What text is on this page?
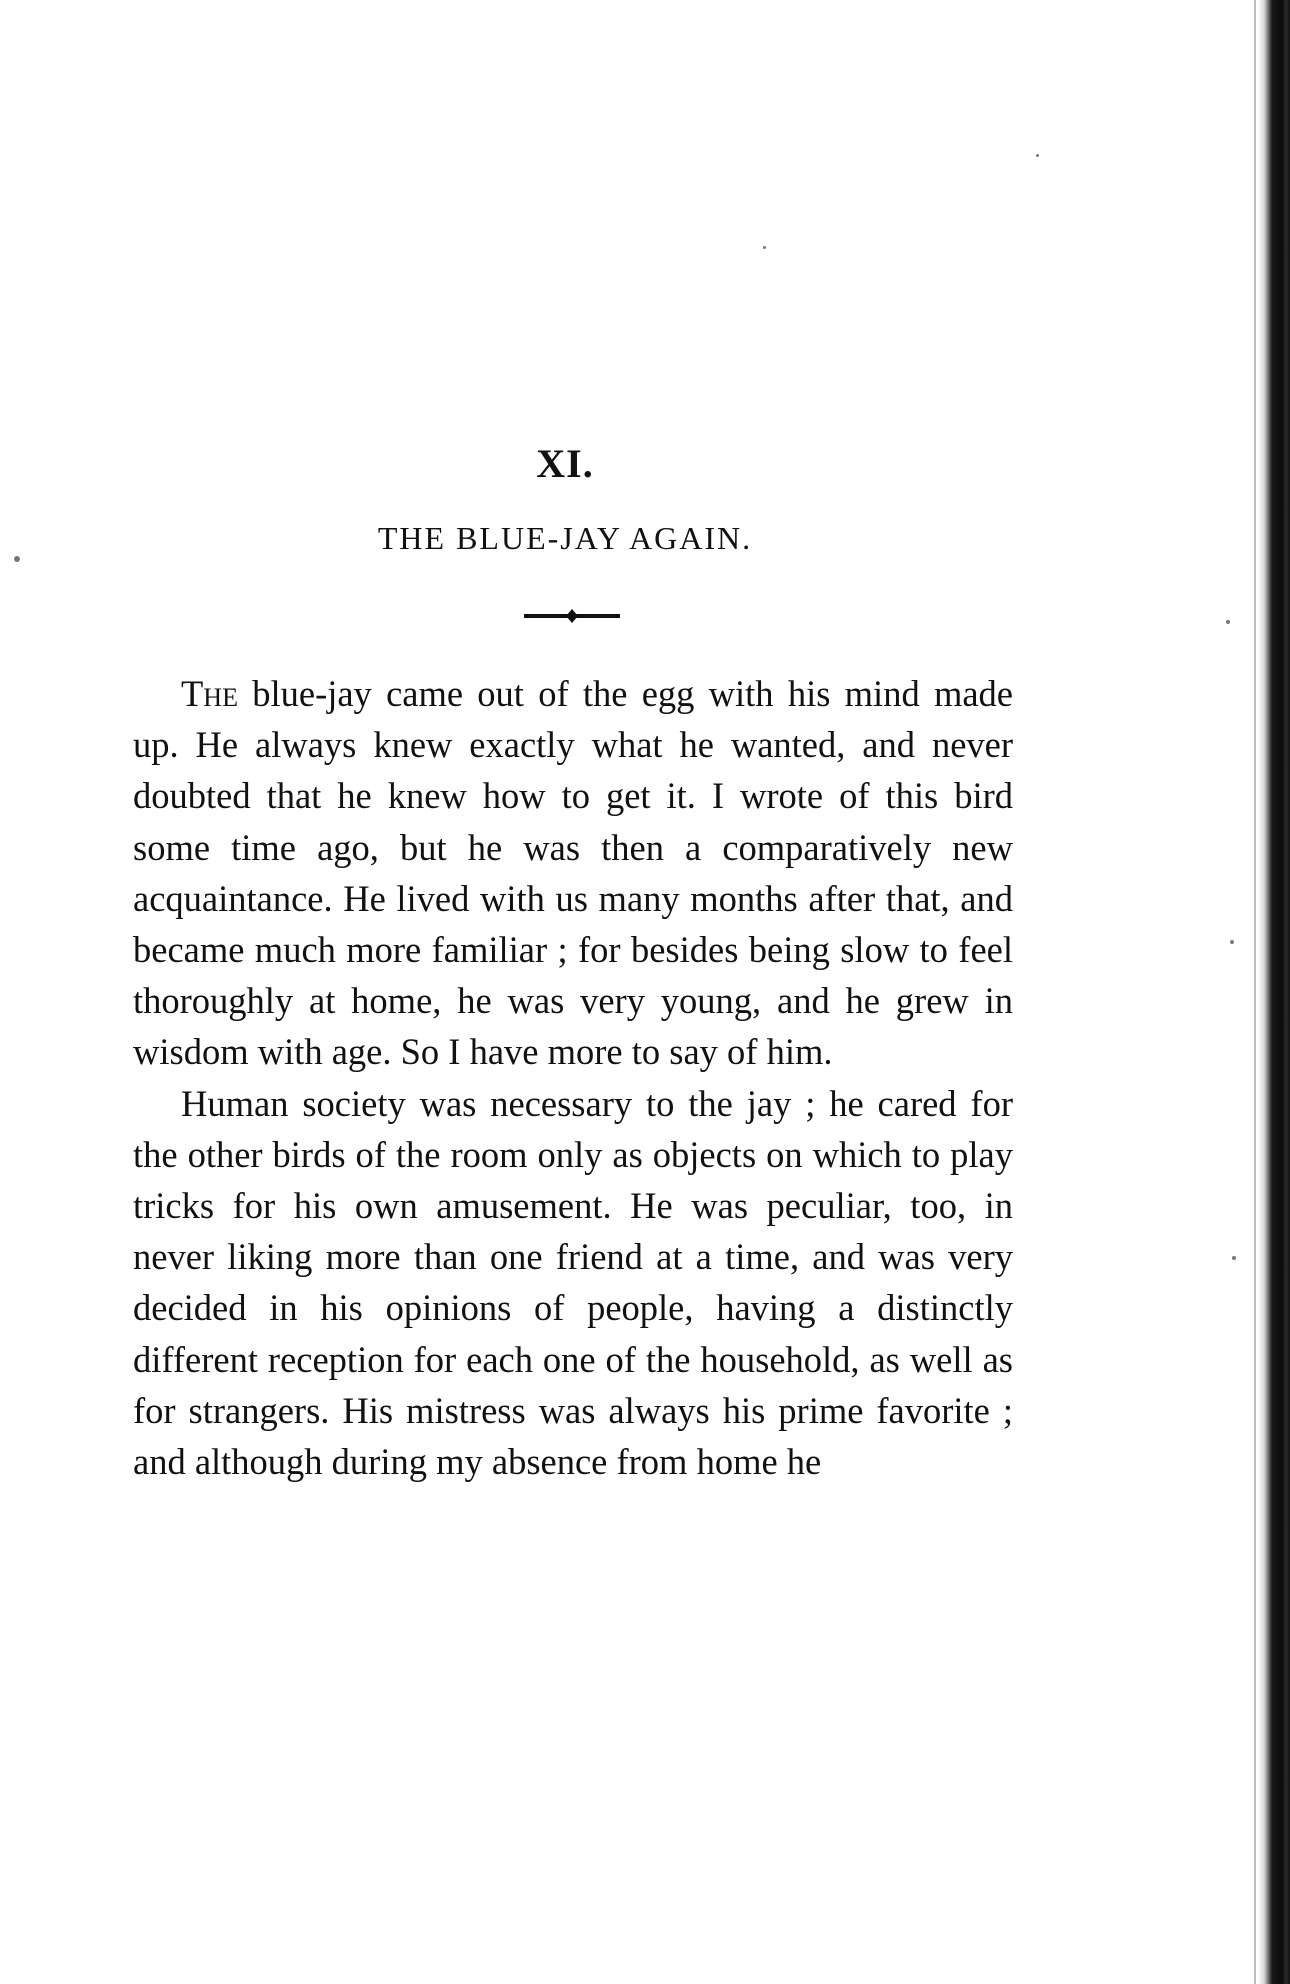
XI.
THE BLUE-JAY AGAIN.

The blue-jay came out of the egg with his mind made up. He always knew exactly what he wanted, and never doubted that he knew how to get it. I wrote of this bird some time ago, but he was then a comparatively new acquaintance. He lived with us many months after that, and became much more familiar ; for besides being slow to feel thoroughly at home, he was very young, and he grew in wisdom with age. So I have more to say of him.

Human society was necessary to the jay ; he cared for the other birds of the room only as objects on which to play tricks for his own amusement. He was peculiar, too, in never liking more than one friend at a time, and was very decided in his opinions of people, having a distinctly different reception for each one of the household, as well as for strangers. His mistress was always his prime favorite ; and although during my absence from home he
